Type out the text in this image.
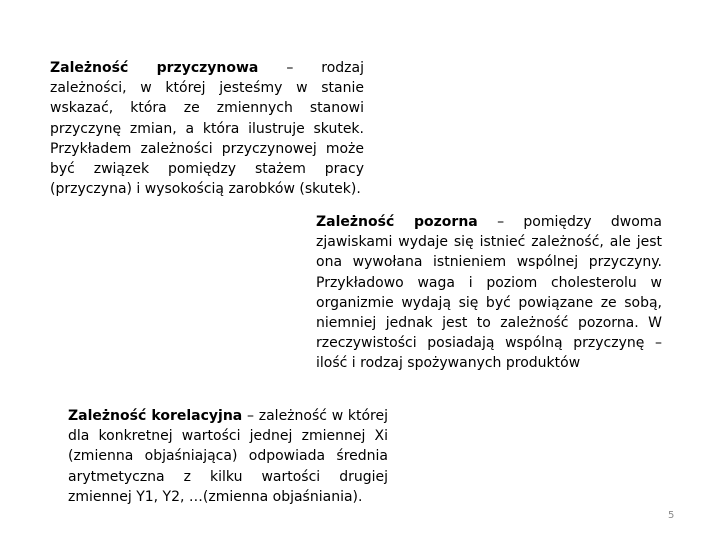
Zależność przyczynowa – rodzaj zależności, w której jesteśmy w stanie wskazać, która ze zmiennych stanowi przyczynę zmian, a która ilustruje skutek. Przykładem zależności przyczynowej może być związek pomiędzy stażem pracy (przyczyna) i wysokością zarobków (skutek).

Zależność pozorna – pomiędzy dwoma zjawiskami wydaje się istnieć zależność, ale jest ona wywołana istnieniem wspólnej przyczyny. Przykładowo waga i poziom cholesterolu w organizmie wydają się być powiązane ze sobą, niemniej jednak jest to zależność pozorna. W rzeczywistości posiadają wspólną przyczynę – ilość i rodzaj spożywanych produktów

Zależność korelacyjna – zależność w której dla konkretnej wartości jednej zmiennej Xi (zmienna objaśniająca) odpowiada średnia arytmetyczna z kilku wartości drugiej zmiennej Y1, Y2, …(zmienna objaśniania).

5
